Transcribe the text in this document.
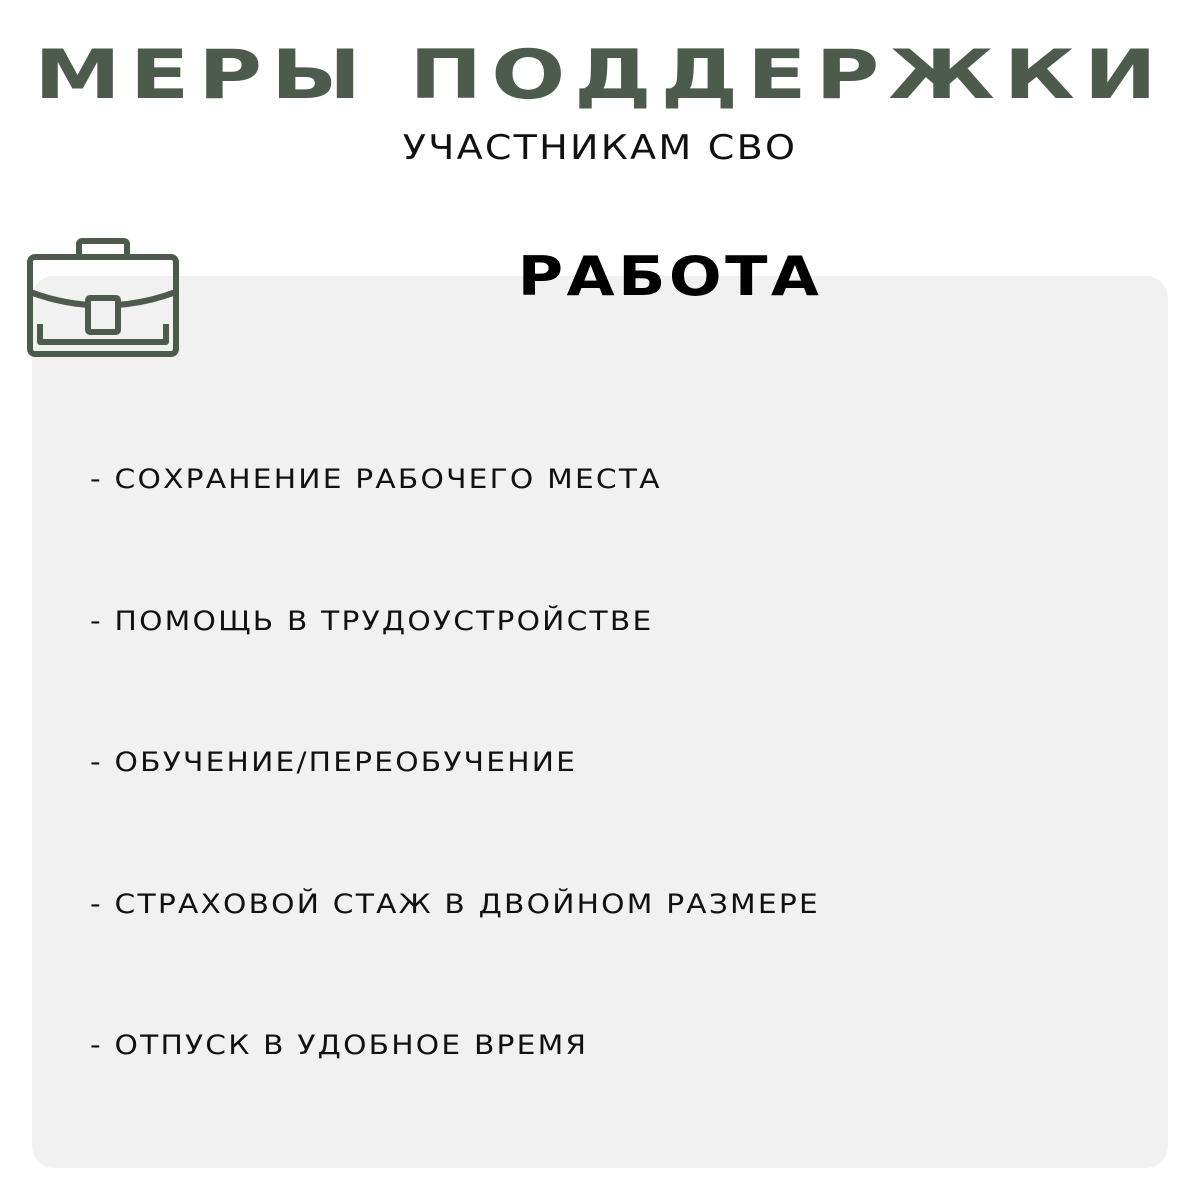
МЕРЫ ПОДДЕРЖКИ
УЧАСТНИКАМ СВО
РАБОТА
- СОХРАНЕНИЕ РАБОЧЕГО МЕСТА
- ПОМОЩЬ В ТРУДОУСТРОЙСТВЕ
- ОБУЧЕНИЕ/ПЕРЕОБУЧЕНИЕ
- СТРАХОВОЙ СТАЖ В ДВОЙНОМ РАЗМЕРЕ
- ОТПУСК В УДОБНОЕ ВРЕМЯ
